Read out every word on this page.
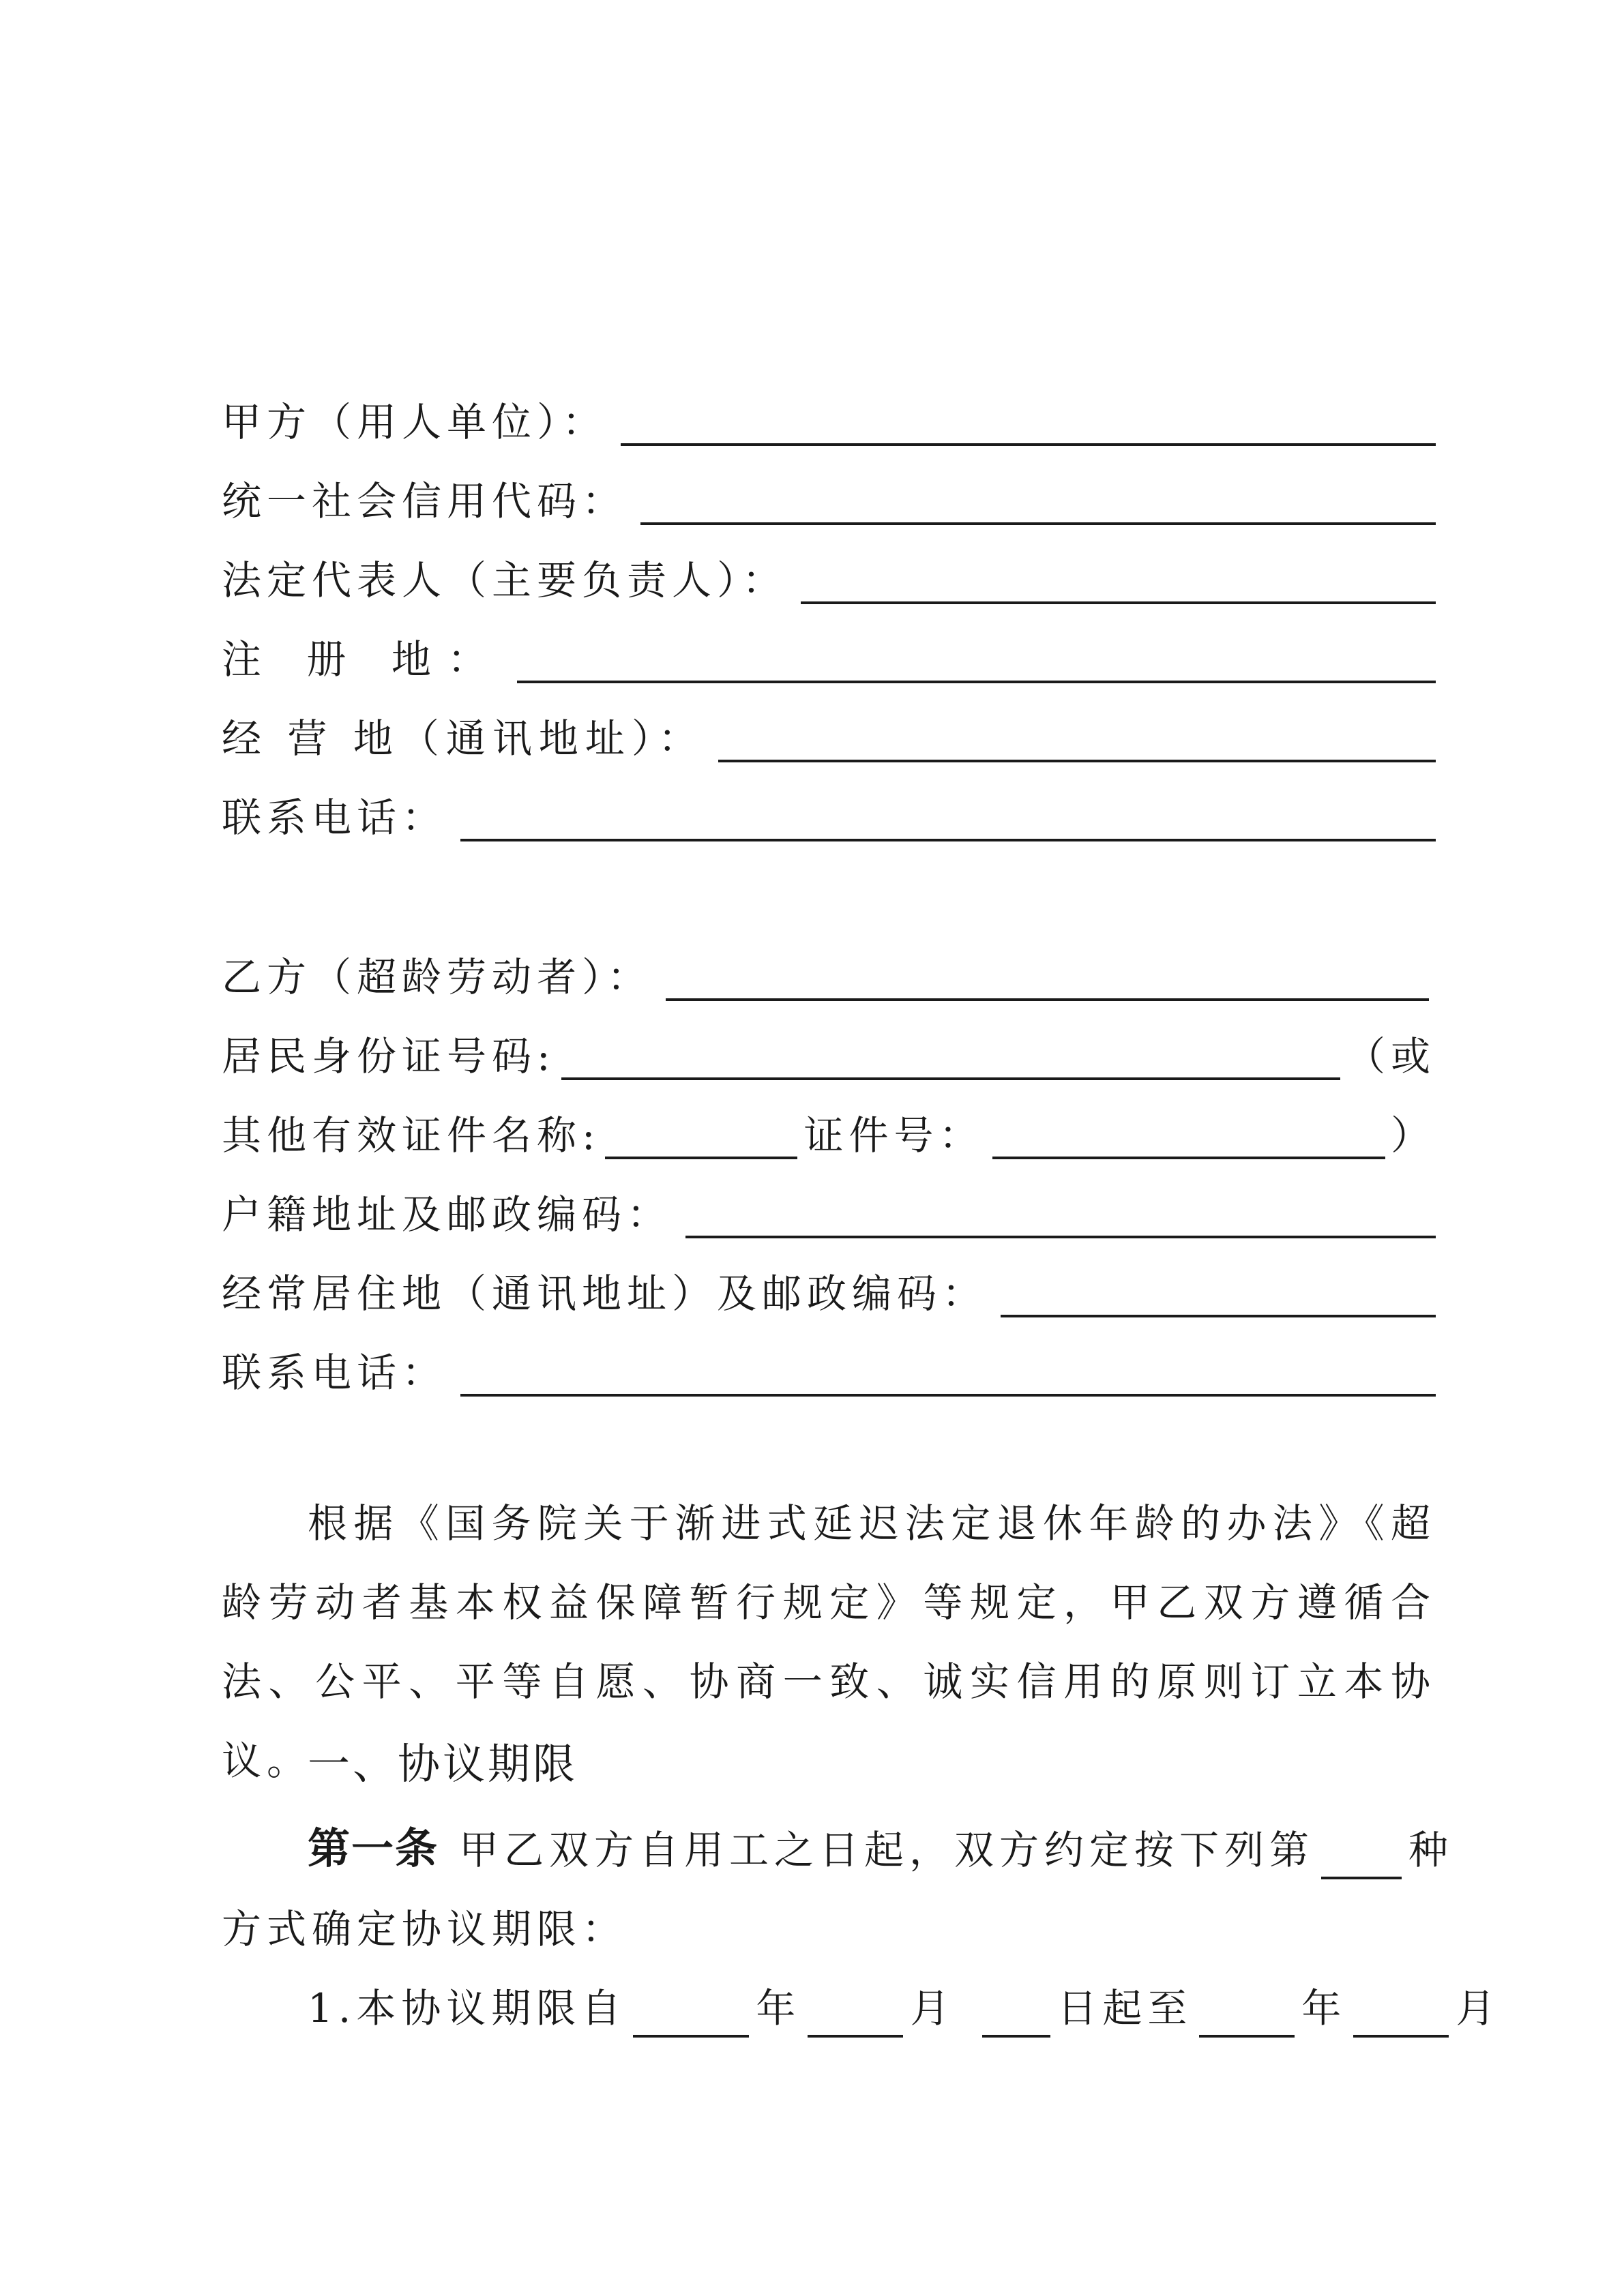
甲方（用人单位）：
统一社会信用代码：
法定代表人（主要负责人）：
注 册 地：
经 营 地（通讯地址）：
联系电话：
乙方（超龄劳动者）：
居民身份证号码:	（或
其他有效证件名称:	证件号：	）
户籍地址及邮政编码：
经常居住地（通讯地址）及邮政编码：
联系电话：
根据《国务院关于渐进式延迟法定退休年龄的办法》《超龄劳动者基本权益保障暂行规定》等规定，甲乙双方遵循合法、公平、平等自愿、协商一致、诚实信用的原则订立本协议。
一、协议期限
第一条 甲乙双方自用工之日起，双方约定按下列第 种
方式确定协议期限：
1.本协议期限自	年	月	日起至	年	月
